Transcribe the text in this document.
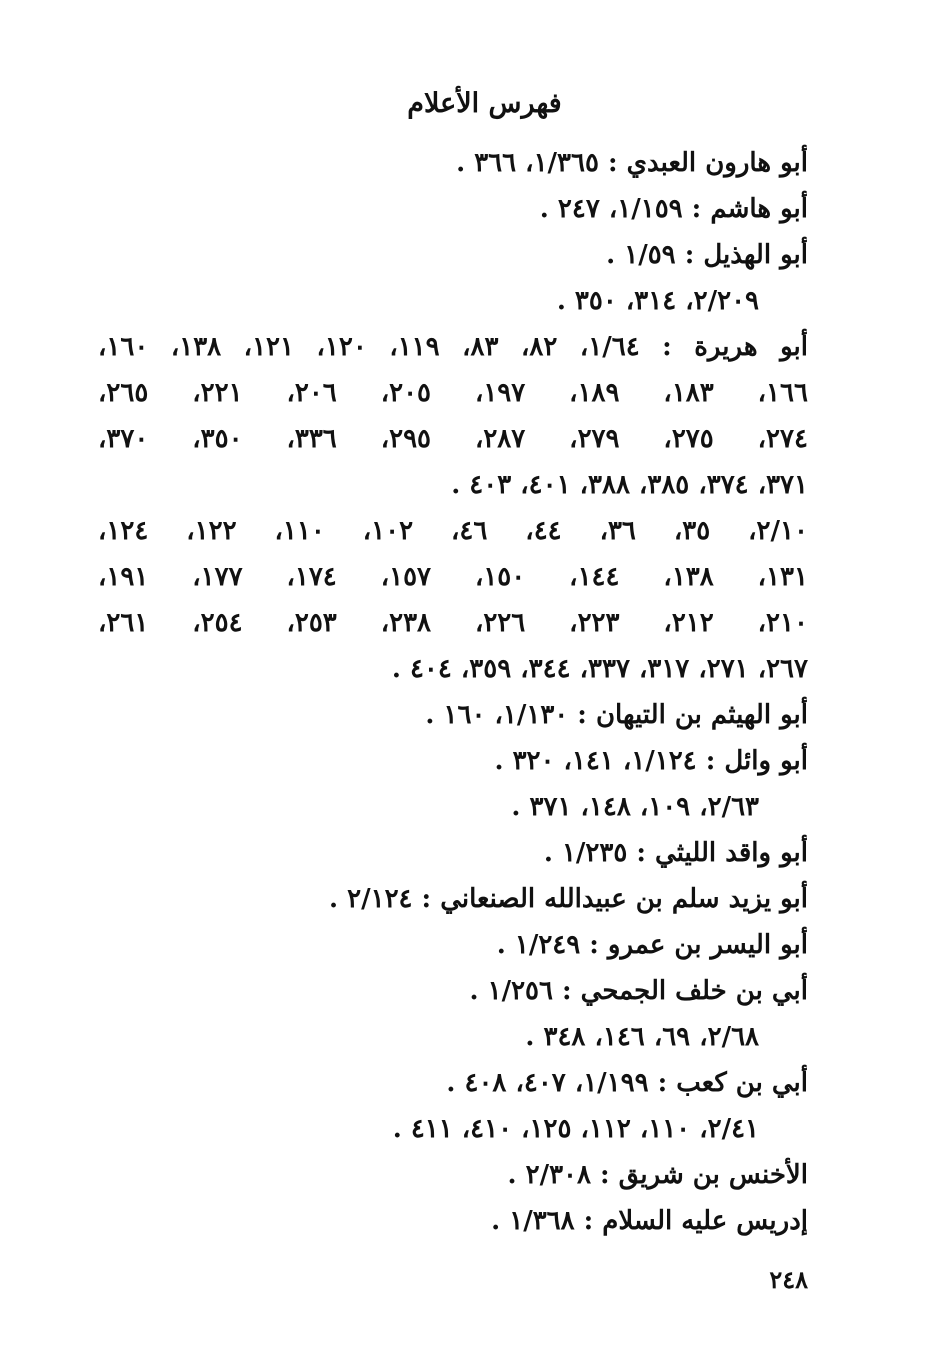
فهرس الأعلام
أبو هارون العبدي : ١/٣٦٥، ٣٦٦ .
أبو هاشم : ١/١٥٩، ٢٤٧ .
أبو الهذيل : ١/٥٩ .
٢/٢٠٩، ٣١٤، ٣٥٠ .
أبو هريرة : ١/٦٤، ٨٢، ٨٣، ١١٩، ١٢٠، ١٢١، ١٣٨، ١٦٠،
١٦٦، ١٨٣، ١٨٩، ١٩٧، ٢٠٥، ٢٠٦، ٢٢١، ٢٦٥،
٢٧٤، ٢٧٥، ٢٧٩، ٢٨٧، ٢٩٥، ٣٣٦، ٣٥٠، ٣٧٠،
٣٧١، ٣٧٤، ٣٨٥، ٣٨٨، ٤٠١، ٤٠٣ .
٢/١٠، ٣٥، ٣٦، ٤٤، ٤٦، ١٠٢، ١١٠، ١٢٢، ١٢٤،
١٣١، ١٣٨، ١٤٤، ١٥٠، ١٥٧، ١٧٤، ١٧٧، ١٩١،
٢١٠، ٢١٢، ٢٢٣، ٢٢٦، ٢٣٨، ٢٥٣، ٢٥٤، ٢٦١،
٢٦٧، ٢٧١، ٣١٧، ٣٣٧، ٣٤٤، ٣٥٩، ٤٠٤ .
أبو الهيثم بن التيهان : ١/١٣٠، ١٦٠ .
أبو وائل : ١/١٢٤، ١٤١، ٣٢٠ .
٢/٦٣، ١٠٩، ١٤٨، ٣٧١ .
أبو واقد الليثي : ١/٢٣٥ .
أبو يزيد سلم بن عبيدالله الصنعاني : ٢/١٢٤ .
أبو اليسر بن عمرو : ١/٢٤٩ .
أبي بن خلف الجمحي : ١/٢٥٦ .
٢/٦٨، ٦٩، ١٤٦، ٣٤٨ .
أبي بن كعب : ١/١٩٩، ٤٠٧، ٤٠٨ .
٢/٤١، ١١٠، ١١٢، ١٢٥، ٤١٠، ٤١١ .
الأخنس بن شريق : ٢/٣٠٨ .
إدريس عليه السلام : ١/٣٦٨ .
٢٤٨
